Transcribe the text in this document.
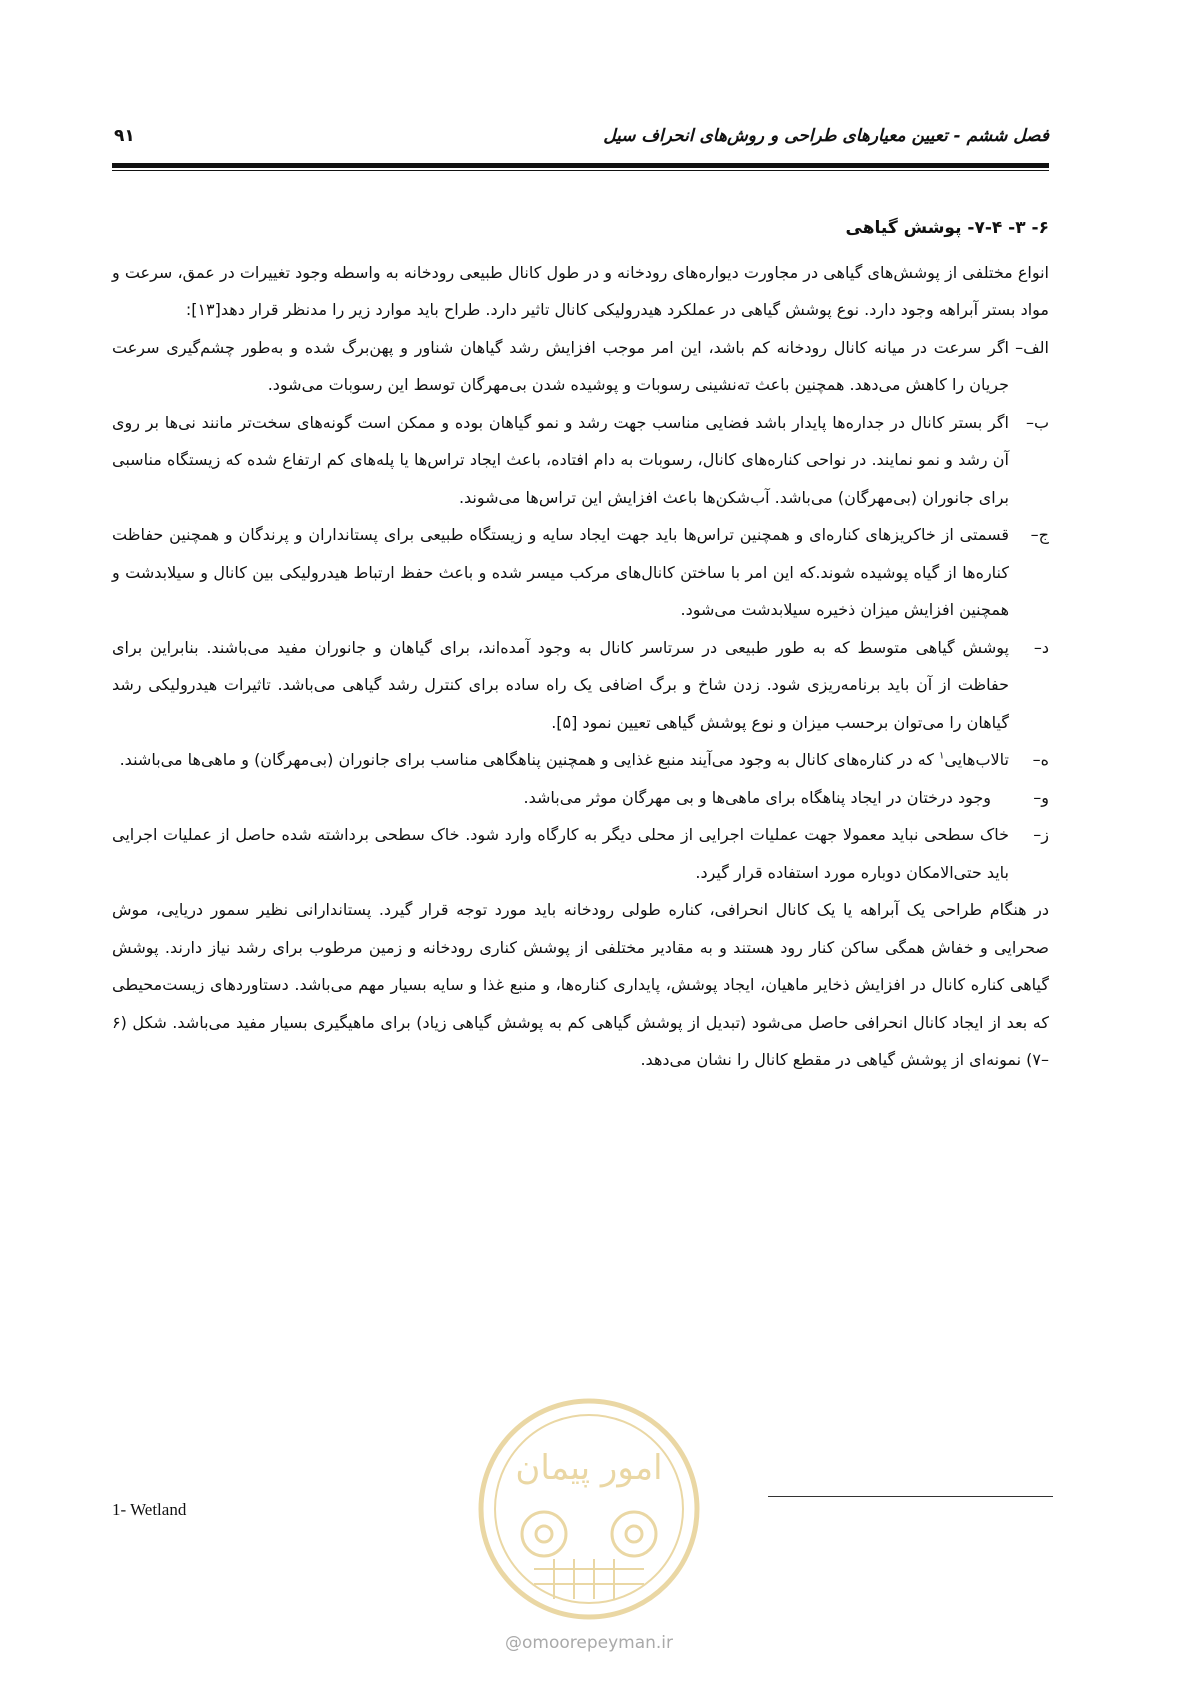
فصل ششم - تعیین معیارهای طراحی و روش‌های انحراف سیل
۹۱
۶- ۳- ۷-۴- پوشش گیاهی

انواع مختلفی از پوشش‌های گیاهی در مجاورت دیواره‌های رودخانه و در طول کانال طبیعی رودخانه به واسطه وجود تغییرات در عمق، سرعت و مواد بستر آبراهه وجود دارد. نوع پوشش گیاهی در عملکرد هیدرولیکی کانال تاثیر دارد. طراح باید موارد زیر را مدنظر قرار دهد[۱۳]:

الف–
اگر سرعت در میانه کانال رودخانه کم باشد، این امر موجب افزایش رشد گیاهان شناور و پهن‌برگ شده و به‌طور چشم‌گیری سرعت جریان را کاهش می‌دهد. همچنین باعث ته‌نشینی رسوبات و پوشیده شدن بی‌مهرگان توسط این رسوبات می‌شود.
ب–
اگر بستر کانال در جداره‌ها پایدار باشد فضایی مناسب جهت رشد و نمو گیاهان بوده و ممکن است گونه‌های سخت‌تر مانند نی‌ها بر روی آن رشد و نمو نمایند. در نواحی کناره‌های کانال، رسوبات به دام افتاده، باعث ایجاد تراس‌ها یا پله‌های کم ارتفاع شده که زیستگاه مناسبی برای جانوران (بی‌مهرگان) می‌باشد. آب‌شکن‌ها باعث افزایش این تراس‌ها می‌شوند.
ج–
قسمتی از خاکریزهای کناره‌ای و همچنین تراس‌ها باید جهت ایجاد سایه و زیستگاه طبیعی برای پستانداران و پرندگان و همچنین حفاظت کناره‌ها از گیاه پوشیده شوند.که این امر با ساختن کانال‌های مرکب میسر شده و باعث حفظ ارتباط هیدرولیکی بین کانال و سیلابدشت و همچنین افزایش میزان ذخیره سیلابدشت می‌شود.
د–
پوشش گیاهی متوسط که به طور طبیعی در سرتاسر کانال به وجود آمده‌اند، برای گیاهان و جانوران مفید می‌باشند. بنابراین برای حفاظت از آن باید برنامه‌ریزی شود. زدن شاخ و برگ اضافی یک راه ساده برای کنترل رشد گیاهی می‌باشد. تاثیرات هیدرولیکی رشد گیاهان را می‌توان برحسب میزان و نوع پوشش گیاهی تعیین نمود [۵].
ه–
تالاب‌هایی$^۱$ که در کناره‌های کانال به وجود می‌آیند منبع غذایی و همچنین پناهگاهی مناسب برای جانوران (بی‌مهرگان) و ماهی‌ها می‌باشند.
و–
وجود درختان در ایجاد پناهگاه برای ماهی‌ها و بی مهرگان موثر می‌باشد.
ز–
خاک سطحی نباید معمولا جهت عملیات اجرایی از محلی دیگر به کارگاه وارد شود. خاک سطحی برداشته شده حاصل از عملیات اجرایی باید حتی‌الامکان دوباره مورد استفاده قرار گیرد.

در هنگام طراحی یک آبراهه یا یک کانال انحرافی، کناره طولی رودخانه باید مورد توجه قرار گیرد. پستاندارانی نظیر سمور دریایی، موش صحرایی و خفاش همگی ساکن کنار رود هستند و به مقادیر مختلفی از پوشش کناری رودخانه و زمین مرطوب برای رشد نیاز دارند. پوشش گیاهی کناره کانال در افزایش ذخایر ماهیان، ایجاد پوشش، پایداری کناره‌ها، و منبع غذا و سایه بسیار مهم می‌باشد. دستاوردهای زیست‌محیطی که بعد از ایجاد کانال انحرافی حاصل می‌شود (تبدیل از پوشش گیاهی کم به پوشش گیاهی زیاد) برای ماهیگیری بسیار مفید می‌باشد. شکل (۶ –۷) نمونه‌ای از پوشش گیاهی در مقطع کانال را نشان می‌دهد.

1- Wetland
امور پیمان
@omoorepeyman.ir
